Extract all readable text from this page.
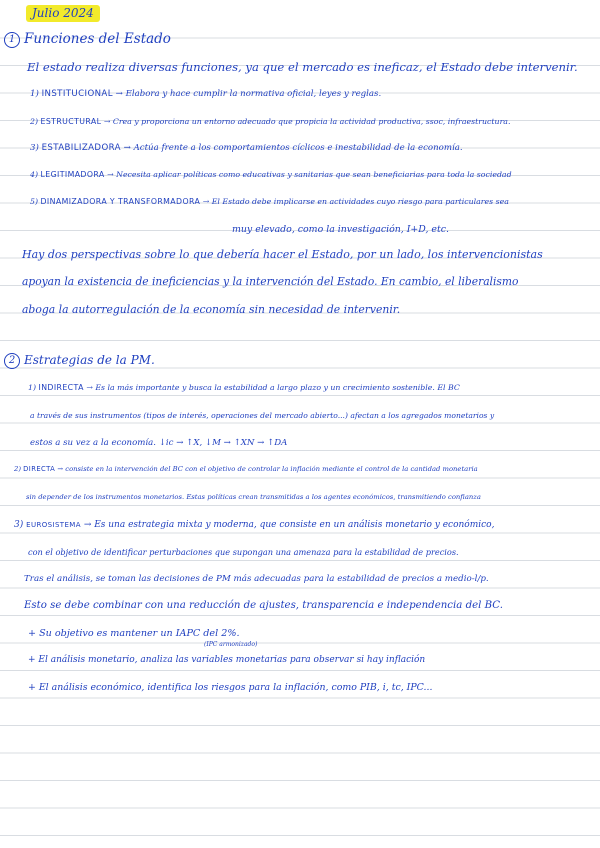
Julio 2024
1 Funciones del Estado
El estado realiza diversas funciones, ya que el mercado es ineficaz, el Estado debe intervenir.
1) INSTITUCIONAL → Elabora y hace cumplir la normativa oficial, leyes y reglas.
2) ESTRUCTURAL → Crea y proporciona un entorno adecuado que propicia la actividad productiva, ssoc, infraestructura.
3) ESTABILIZADORA → Actúa frente a los comportamientos cíclicos e inestabilidad de la economía.
4) LEGITIMADORA → Necesita aplicar políticas como educativas y sanitarias que sean beneficiarias para toda la sociedad
5) DINAMIZADORA Y TRANSFORMADORA → El Estado debe implicarse en actividades cuyo riesgo para particulares sea
muy elevado, como la investigación, I+D, etc.
Hay dos perspectivas sobre lo que debería hacer el Estado, por un lado, los intervencionistas
apoyan la existencia de ineficiencias y la intervención del Estado. En cambio, el liberalismo
aboga la autorregulación de la economía sin necesidad de intervenir.
2 Estrategias de la PM.
1) INDIRECTA → Es la más importante y busca la estabilidad a largo plazo y un crecimiento sostenible. El BC
a través de sus instrumentos (tipos de interés, operaciones del mercado abierto...) afectan a los agregados monetarios y
estos a su vez a la economía. ↓ic → ↑X, ↓M → ↑XN → ↑DA
2) DIRECTA → consiste en la intervención del BC con el objetivo de controlar la inflación mediante el control de la cantidad monetaria
sin depender de los instrumentos monetarios. Estas políticas crean transmitidas a los agentes económicos, transmitiendo confianza
3) EUROSISTEMA → Es una estrategia mixta y moderna, que consiste en un análisis monetario y económico,
con el objetivo de identificar perturbaciones que supongan una amenaza para la estabilidad de precios.
Tras el análisis, se toman las decisiones de PM más adecuadas para la estabilidad de precios a medio-l/p.
Esto se debe combinar con una reducción de ajustes, transparencia e independencia del BC.
+ Su objetivo es mantener un IAPC del 2%.
(IPC armonizado)
+ El análisis monetario, analiza las variables monetarias para observar si hay inflación
+ El análisis económico, identifica los riesgos para la inflación, como PIB, i, tc, IPC...
